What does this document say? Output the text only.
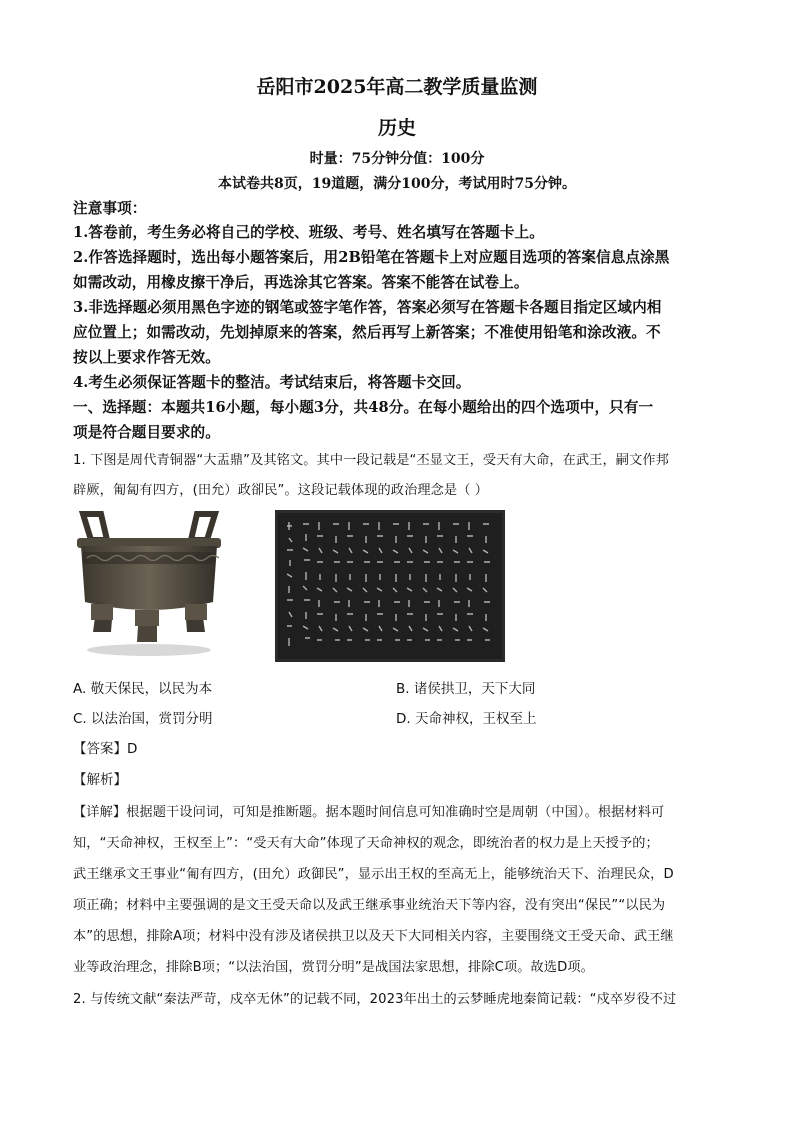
岳阳市2025年高二教学质量监测
历史
时量：75分钟分值：100分
本试卷共8页，19道题，满分100分，考试用时75分钟。
注意事项：
1.答卷前，考生务必将自己的学校、班级、考号、姓名填写在答题卡上。
2.作答选择题时，选出每小题答案后，用2B铅笔在答题卡上对应题目选项的答案信息点涂黑
如需改动，用橡皮擦干净后，再选涂其它答案。答案不能答在试卷上。
3.非选择题必须用黑色字迹的钢笔或签字笔作答，答案必须写在答题卡各题目指定区域内相
应位置上；如需改动，先划掉原来的答案，然后再写上新答案；不准使用铅笔和涂改液。不
按以上要求作答无效。
4.考生必须保证答题卡的整洁。考试结束后，将答题卡交回。
一、选择题：本题共16小题，每小题3分，共48分。在每小题给出的四个选项中，只有一
项是符合题目要求的。
1. 下图是周代青铜器“大盂鼎”及其铭文。其中一段记载是“丕显文王，受天有大命，在武王，嗣文作邦
辟厥，匍匐有四方，(田允）政卻民”。这段记载体现的政治理念是（ ）
A. 敬天保民，以民为本	B. 诸侯拱卫，天下大同
C. 以法治国，赏罚分明	D. 天命神权，王权至上
【答案】D
【解析】
【详解】根据题干设问词，可知是推断题。据本题时间信息可知准确时空是周朝（中国）。根据材料可
知，“天命神权，王权至上”：“受天有大命”体现了天命神权的观念，即统治者的权力是上天授予的；
武王继承文王事业“匍有四方，(田允）政御民”，显示出王权的至高无上，能够统治天下、治理民众，D
项正确；材料中主要强调的是文王受天命以及武王继承事业统治天下等内容，没有突出“保民”“以民为
本”的思想，排除A项；材料中没有涉及诸侯拱卫以及天下大同相关内容，主要围绕文王受天命、武王继
业等政治理念，排除B项；“以法治国，赏罚分明”是战国法家思想，排除C项。故选D项。
2. 与传统文献“秦法严苛，戍卒无休”的记载不同，2023年出土的云梦睡虎地秦简记载：“戍卒岁役不过
